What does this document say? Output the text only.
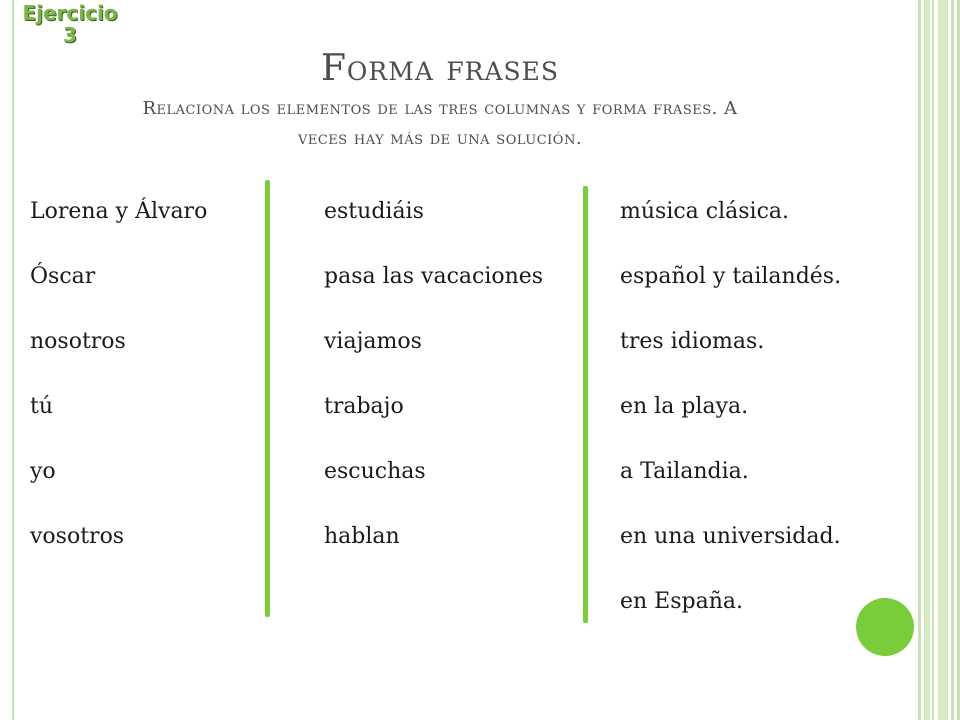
Ejercicio
3
Forma frases
Relaciona los elementos de las tres columnas y forma frases. A veces hay más de una solución.
Lorena y Álvaro
Óscar
nosotros
tú
yo
vosotros
estudiáis
pasa las vacaciones
viajamos
trabajo
escuchas
hablan
música clásica.
español y tailandés.
tres idiomas.
en la playa.
a Tailandia.
en una universidad.
en España.
